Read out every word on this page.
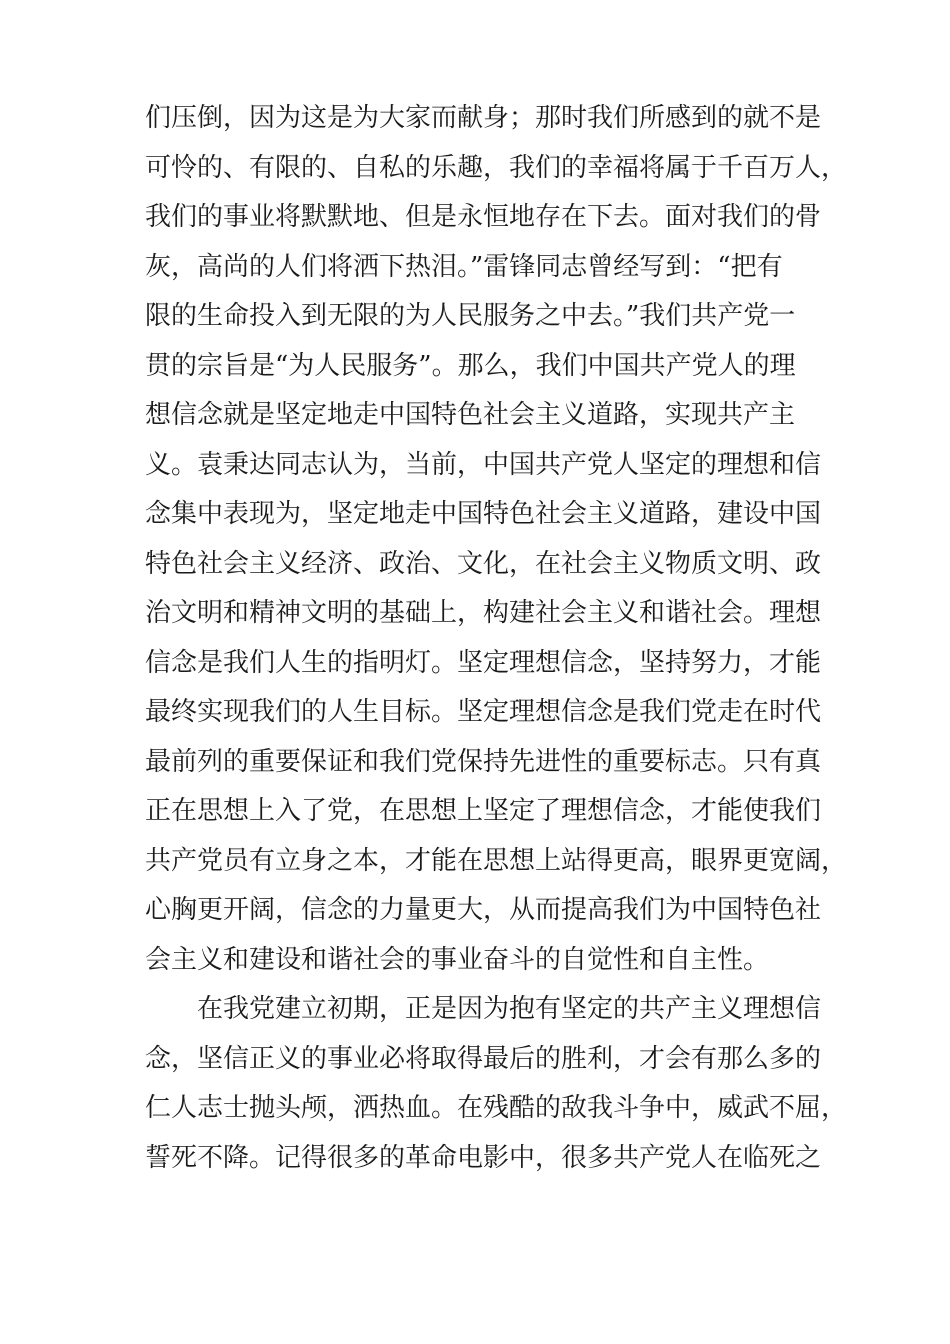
们压倒，因为这是为大家而献身；那时我们所感到的就不是
可怜的、有限的、自私的乐趣，我们的幸福将属于千百万人，
我们的事业将默默地、但是永恒地存在下去。面对我们的骨
灰，高尚的人们将洒下热泪。”雷锋同志曾经写到：“把有
限的生命投入到无限的为人民服务之中去。”我们共产党一
贯的宗旨是“为人民服务”。那么，我们中国共产党人的理
想信念就是坚定地走中国特色社会主义道路，实现共产主
义。袁秉达同志认为，当前，中国共产党人坚定的理想和信
念集中表现为，坚定地走中国特色社会主义道路，建设中国
特色社会主义经济、政治、文化，在社会主义物质文明、政
治文明和精神文明的基础上，构建社会主义和谐社会。理想
信念是我们人生的指明灯。坚定理想信念，坚持努力，才能
最终实现我们的人生目标。坚定理想信念是我们党走在时代
最前列的重要保证和我们党保持先进性的重要标志。只有真
正在思想上入了党，在思想上坚定了理想信念，才能使我们
共产党员有立身之本，才能在思想上站得更高，眼界更宽阔，
心胸更开阔，信念的力量更大，从而提高我们为中国特色社
会主义和建设和谐社会的事业奋斗的自觉性和自主性。
在我党建立初期，正是因为抱有坚定的共产主义理想信
念，坚信正义的事业必将取得最后的胜利，才会有那么多的
仁人志士抛头颅，洒热血。在残酷的敌我斗争中，威武不屈，
誓死不降。记得很多的革命电影中，很多共产党人在临死之
